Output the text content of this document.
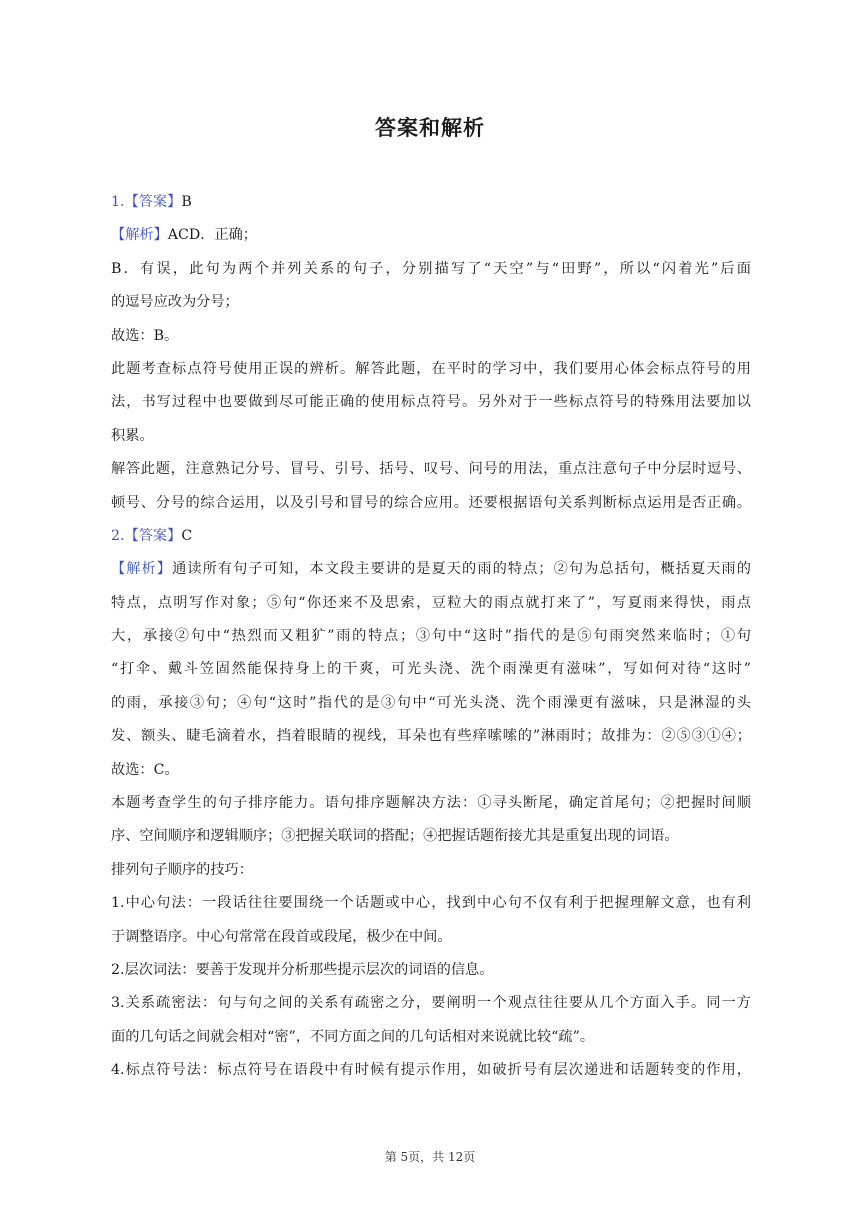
答案和解析
1.【答案】B
【解析】ACD．正确；
B．有误，此句为两个并列关系的句子，分别描写了“天空”与“田野”，所以“闪着光”后面
的逗号应改为分号；
故选：B。
此题考查标点符号使用正误的辨析。解答此题，在平时的学习中，我们要用心体会标点符号的用
法，书写过程中也要做到尽可能正确的使用标点符号。另外对于一些标点符号的特殊用法要加以
积累。
解答此题，注意熟记分号、冒号、引号、括号、叹号、问号的用法，重点注意句子中分层时逗号、
顿号、分号的综合运用，以及引号和冒号的综合应用。还要根据语句关系判断标点运用是否正确。
2.【答案】C
【解析】通读所有句子可知，本文段主要讲的是夏天的雨的特点；②句为总括句，概括夏天雨的
特点，点明写作对象；⑤句“你还来不及思索，豆粒大的雨点就打来了”，写夏雨来得快，雨点
大，承接②句中“热烈而又粗犷”雨的特点；③句中“这时”指代的是⑤句雨突然来临时；①句
“打伞、戴斗笠固然能保持身上的干爽，可光头浇、洗个雨澡更有滋味”，写如何对待“这时”
的雨，承接③句；④句“这时”指代的是③句中“可光头浇、洗个雨澡更有滋味，只是淋湿的头
发、额头、睫毛滴着水，挡着眼睛的视线，耳朵也有些痒嗦嗦的”淋雨时；故排为：②⑤③①④；
故选：C。
本题考查学生的句子排序能力。语句排序题解决方法：①寻头断尾，确定首尾句；②把握时间顺
序、空间顺序和逻辑顺序；③把握关联词的搭配；④把握话题衔接尤其是重复出现的词语。
排列句子顺序的技巧：
1.中心句法：一段话往往要围绕一个话题或中心，找到中心句不仅有利于把握理解文意，也有利
于调整语序。中心句常常在段首或段尾，极少在中间。
2.层次词法：要善于发现并分析那些提示层次的词语的信息。
3.关系疏密法：句与句之间的关系有疏密之分，要阐明一个观点往往要从几个方面入手。同一方
面的几句话之间就会相对“密”，不同方面之间的几句话相对来说就比较“疏”。
4.标点符号法：标点符号在语段中有时候有提示作用，如破折号有层次递进和话题转变的作用，
第 5页，共 12页
